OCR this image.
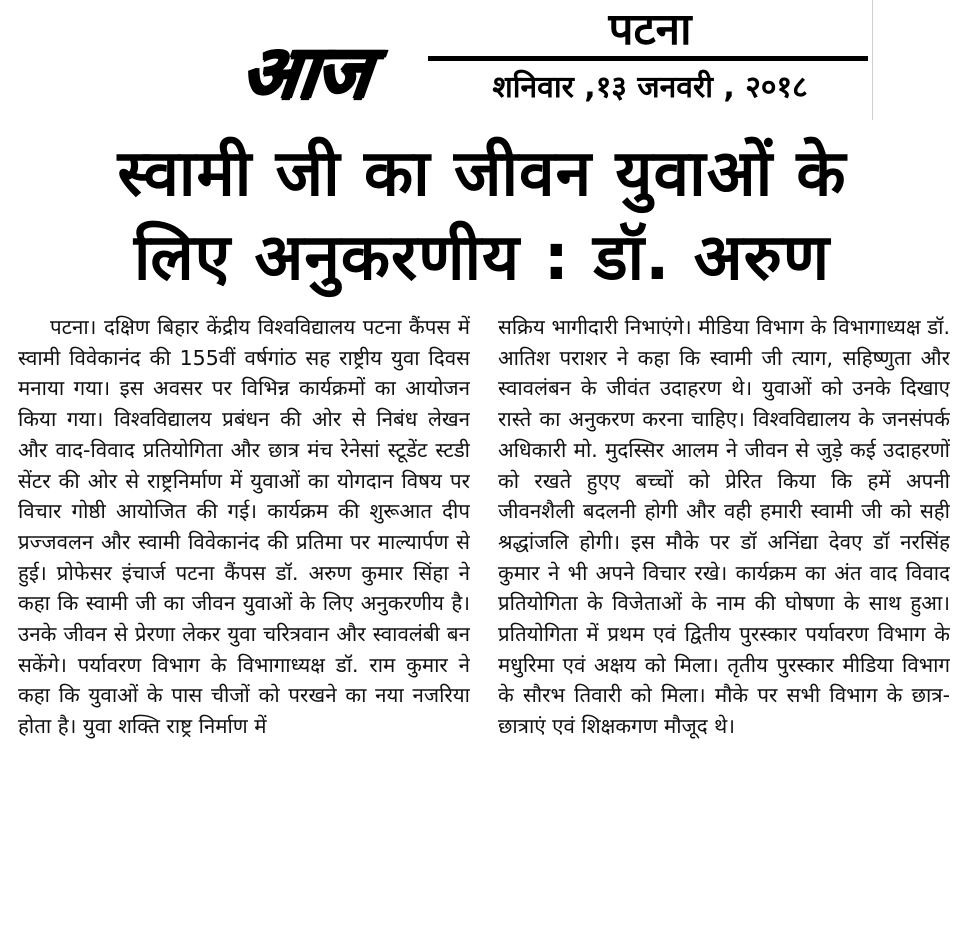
आज	पटना
शनिवार ,१३ जनवरी , २०१८
स्वामी जी का जीवन युवाओं के
लिए अनुकरणीय : डॉ. अरुण

पटना। दक्षिण बिहार केंद्रीय विश्वविद्यालय पटना कैंपस में स्वामी विवेकानंद की 155वीं वर्षगांठ सह राष्ट्रीय युवा दिवस मनाया गया। इस अवसर पर विभिन्न कार्यक्रमों का आयोजन किया गया। विश्वविद्यालय प्रबंधन की ओर से निबंध लेखन और वाद-विवाद प्रतियोगिता और छात्र मंच रेनेसां स्टूडेंट स्टडी सेंटर की ओर से राष्ट्रनिर्माण में युवाओं का योगदान विषय पर विचार गोष्ठी आयोजित की गई। कार्यक्रम की शुरूआत दीप प्रज्जवलन और स्वामी विवेकानंद की प्रतिमा पर माल्यार्पण से हुई। प्रोफेसर इंचार्ज पटना कैंपस डॉ. अरुण कुमार सिंहा ने कहा कि स्वामी जी का जीवन युवाओं के लिए अनुकरणीय है। उनके जीवन से प्रेरणा लेकर युवा चरित्रवान और स्वावलंबी बन सकेंगे। पर्यावरण विभाग के विभागाध्यक्ष डॉ. राम कुमार ने कहा कि युवाओं के पास चीजों को परखने का नया नजरिया होता है। युवा शक्ति राष्ट्र निर्माण में

सक्रिय भागीदारी निभाएंगे। मीडिया विभाग के विभागाध्यक्ष डॉ. आतिश पराशर ने कहा कि स्वामी जी त्याग, सहिष्णुता और स्वावलंबन के जीवंत उदाहरण थे। युवाओं को उनके दिखाए रास्ते का अनुकरण करना चाहिए। विश्वविद्यालय के जनसंपर्क अधिकारी मो. मुदस्सिर आलम ने जीवन से जुड़े कई उदाहरणों को रखते हुएए बच्चों को प्रेरित किया कि हमें अपनी जीवनशैली बदलनी होगी और वही हमारी स्वामी जी को सही श्रद्धांजलि होगी। इस मौके पर डॉ अनिंद्या देवए डॉ नरसिंह कुमार ने भी अपने विचार रखे। कार्यक्रम का अंत वाद विवाद प्रतियोगिता के विजेताओं के नाम की घोषणा के साथ हुआ। प्रतियोगिता में प्रथम एवं द्वितीय पुरस्कार पर्यावरण विभाग के मधुरिमा एवं अक्षय को मिला। तृतीय पुरस्कार मीडिया विभाग के सौरभ तिवारी को मिला। मौके पर सभी विभाग के छात्र-छात्राएं एवं शिक्षकगण मौजूद थे।
